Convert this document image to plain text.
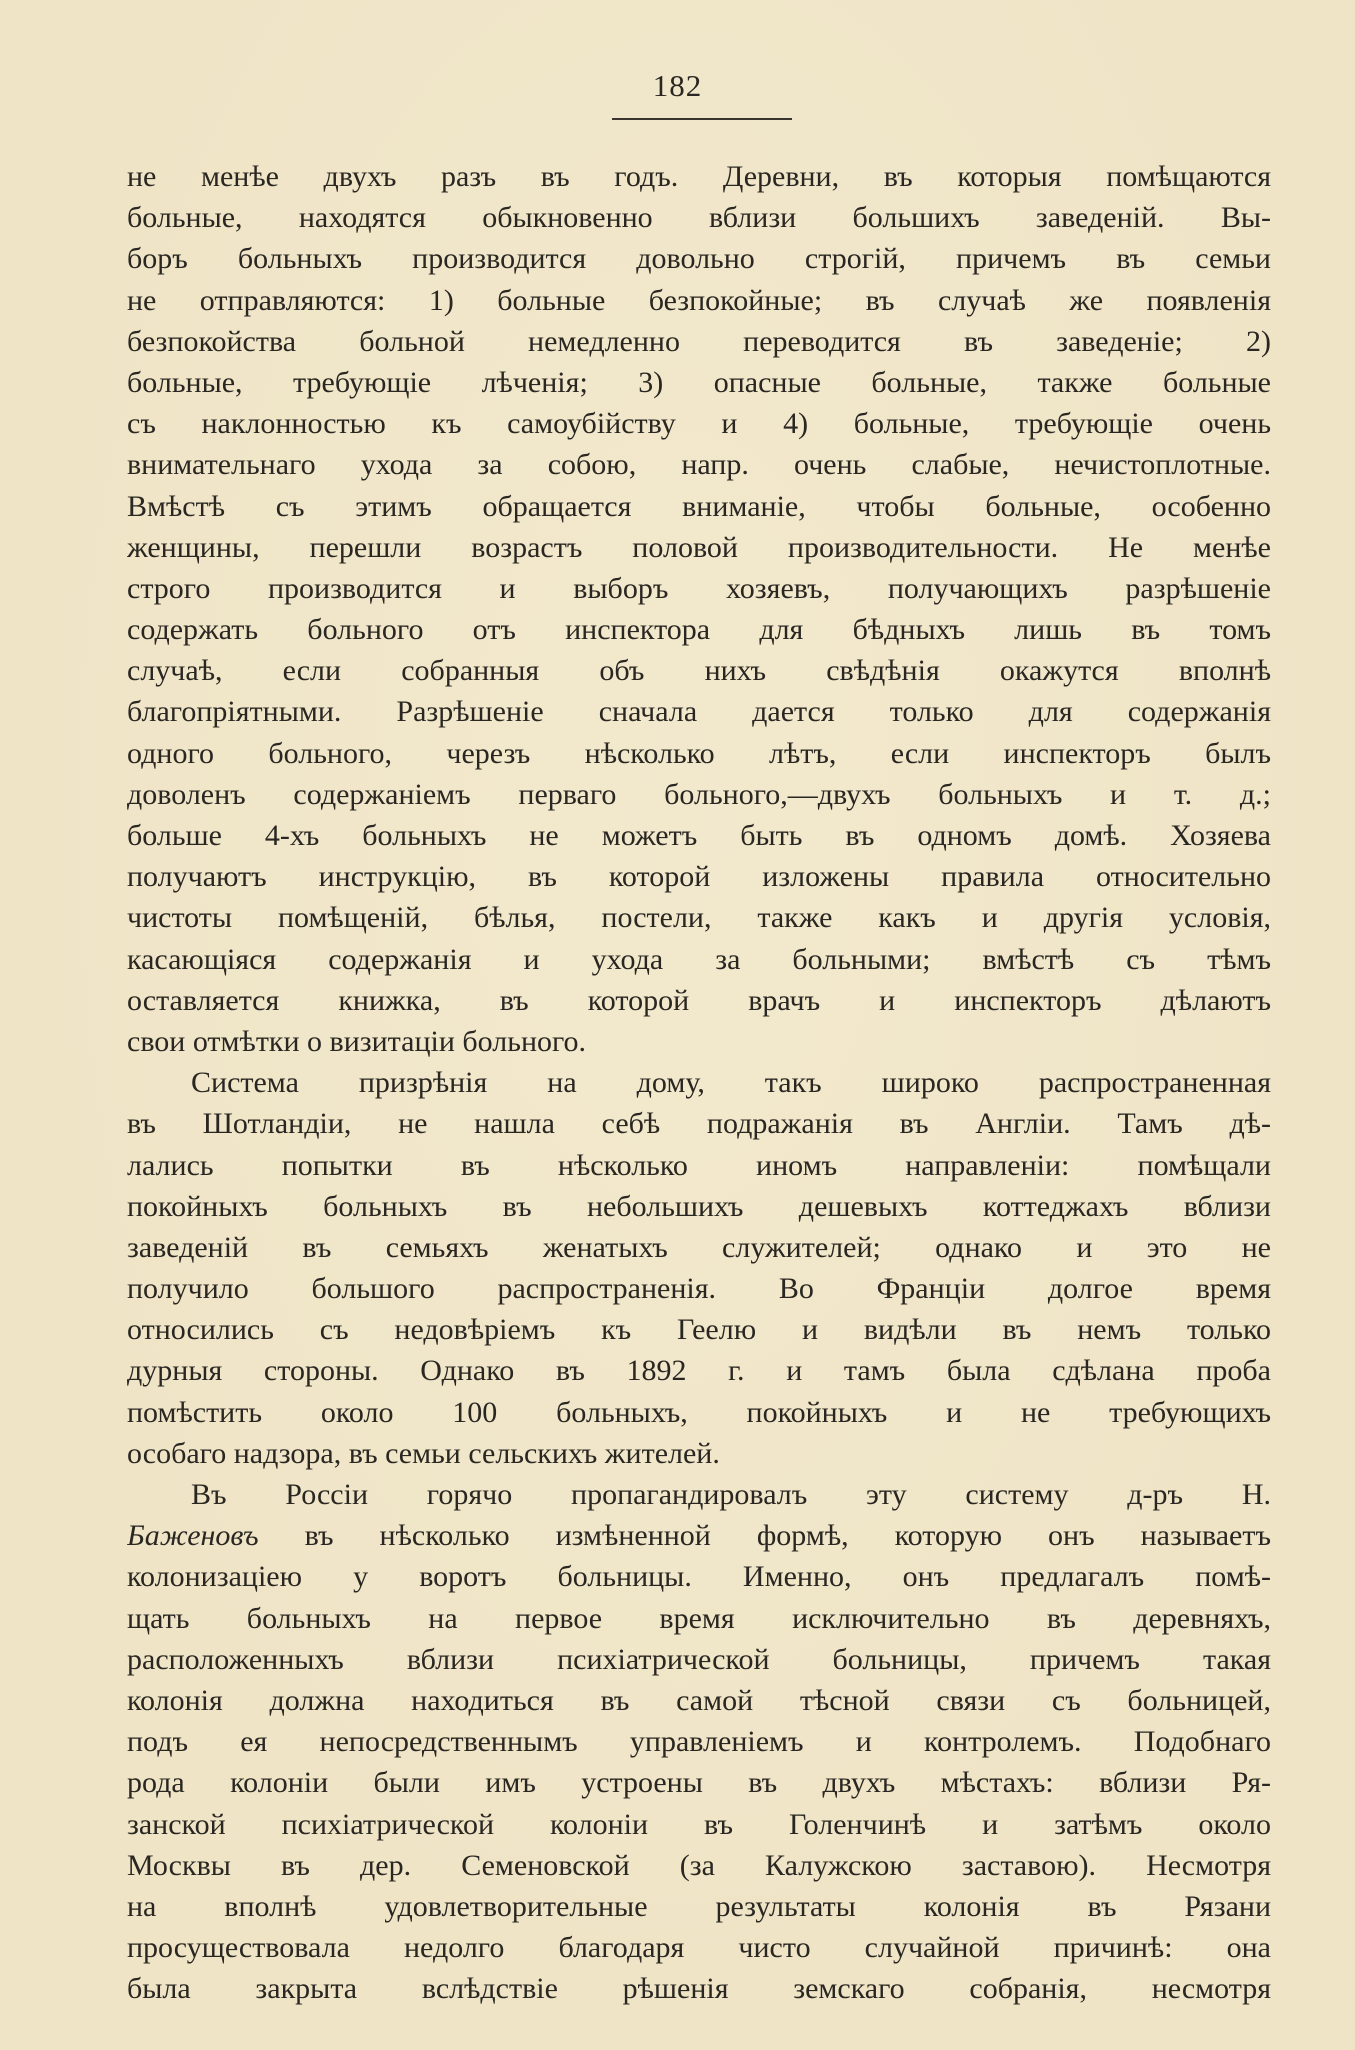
182
не менѣе двухъ разъ въ годъ. Деревни, въ которыя помѣщаются
больные, находятся обыкновенно вблизи большихъ заведеній. Вы-
боръ больныхъ производится довольно строгій, причемъ въ семьи
не отправляются: 1) больные безпокойные; въ случаѣ же появленія
безпокойства больной немедленно переводится въ заведеніе; 2)
больные, требующіе лѣченія; 3) опасные больные, также больные
съ наклонностью къ самоубійству и 4) больные, требующіе очень
внимательнаго ухода за собою, напр. очень слабые, нечистоплотные.
Вмѣстѣ съ этимъ обращается вниманіе, чтобы больные, особенно
женщины, перешли возрастъ половой производительности. Не менѣе
строго производится и выборъ хозяевъ, получающихъ разрѣшеніе
содержать больного отъ инспектора для бѣдныхъ лишь въ томъ
случаѣ, если собранныя объ нихъ свѣдѣнія окажутся вполнѣ
благопріятными. Разрѣшеніе сначала дается только для содержанія
одного больного, черезъ нѣсколько лѣтъ, если инспекторъ былъ
доволенъ содержаніемъ перваго больного,—двухъ больныхъ и т. д.;
больше 4-хъ больныхъ не можетъ быть въ одномъ домѣ. Хозяева
получаютъ инструкцію, въ которой изложены правила относительно
чистоты помѣщеній, бѣлья, постели, также какъ и другія условія,
касающіяся содержанія и ухода за больными; вмѣстѣ съ тѣмъ
оставляется книжка, въ которой врачъ и инспекторъ дѣлаютъ
свои отмѣтки о визитаціи больного.
Система призрѣнія на дому, такъ широко распространенная
въ Шотландіи, не нашла себѣ подражанія въ Англіи. Тамъ дѣ-
лались попытки въ нѣсколько иномъ направленіи: помѣщали
покойныхъ больныхъ въ небольшихъ дешевыхъ коттеджахъ вблизи
заведеній въ семьяхъ женатыхъ служителей; однако и это не
получило большого распространенія. Во Франціи долгое время
относились съ недовѣріемъ къ Геелю и видѣли въ немъ только
дурныя стороны. Однако въ 1892 г. и тамъ была сдѣлана проба
помѣстить около 100 больныхъ, покойныхъ и не требующихъ
особаго надзора, въ семьи сельскихъ жителей.
Въ Россіи горячо пропагандировалъ эту систему д-ръ Н.
Баженовъ въ нѣсколько измѣненной формѣ, которую онъ называетъ
колонизаціею у воротъ больницы. Именно, онъ предлагалъ помѣ-
щать больныхъ на первое время исключительно въ деревняхъ,
расположенныхъ вблизи психіатрической больницы, причемъ такая
колонія должна находиться въ самой тѣсной связи съ больницей,
подъ ея непосредственнымъ управленіемъ и контролемъ. Подобнаго
рода колоніи были имъ устроены въ двухъ мѣстахъ: вблизи Ря-
занской психіатрической колоніи въ Голенчинѣ и затѣмъ около
Москвы въ дер. Семеновской (за Калужскою заставою). Несмотря
на вполнѣ удовлетворительные результаты колонія въ Рязани
просуществовала недолго благодаря чисто случайной причинѣ: она
была закрыта вслѣдствіе рѣшенія земскаго собранія, несмотря
